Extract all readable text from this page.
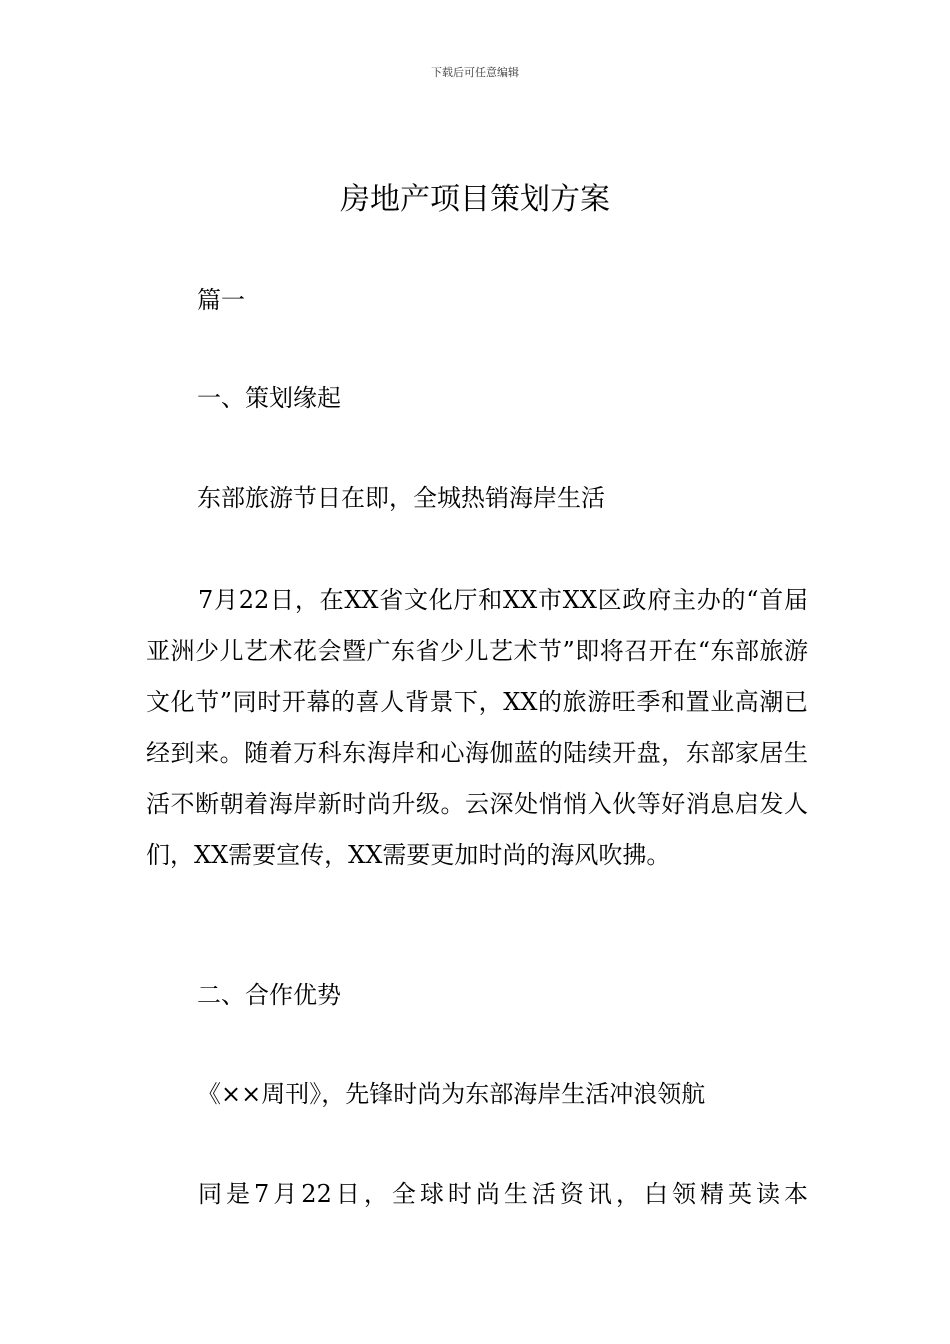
下载后可任意编辑
房地产项目策划方案
篇一
一、策划缘起
东部旅游节日在即，全城热销海岸生活
7月22日，在XX省文化厅和XX市XX区政府主办的“首届亚洲少儿艺术花会暨广东省少儿艺术节”即将召开在“东部旅游文化节”同时开幕的喜人背景下，XX的旅游旺季和置业高潮已经到来。随着万科东海岸和心海伽蓝的陆续开盘，东部家居生活不断朝着海岸新时尚升级。云深处悄悄入伙等好消息启发人们，XX需要宣传，XX需要更加时尚的海风吹拂。
二、合作优势
《××周刊》，先锋时尚为东部海岸生活冲浪领航
同是7月22日，全球时尚生活资讯，白领精英读本
